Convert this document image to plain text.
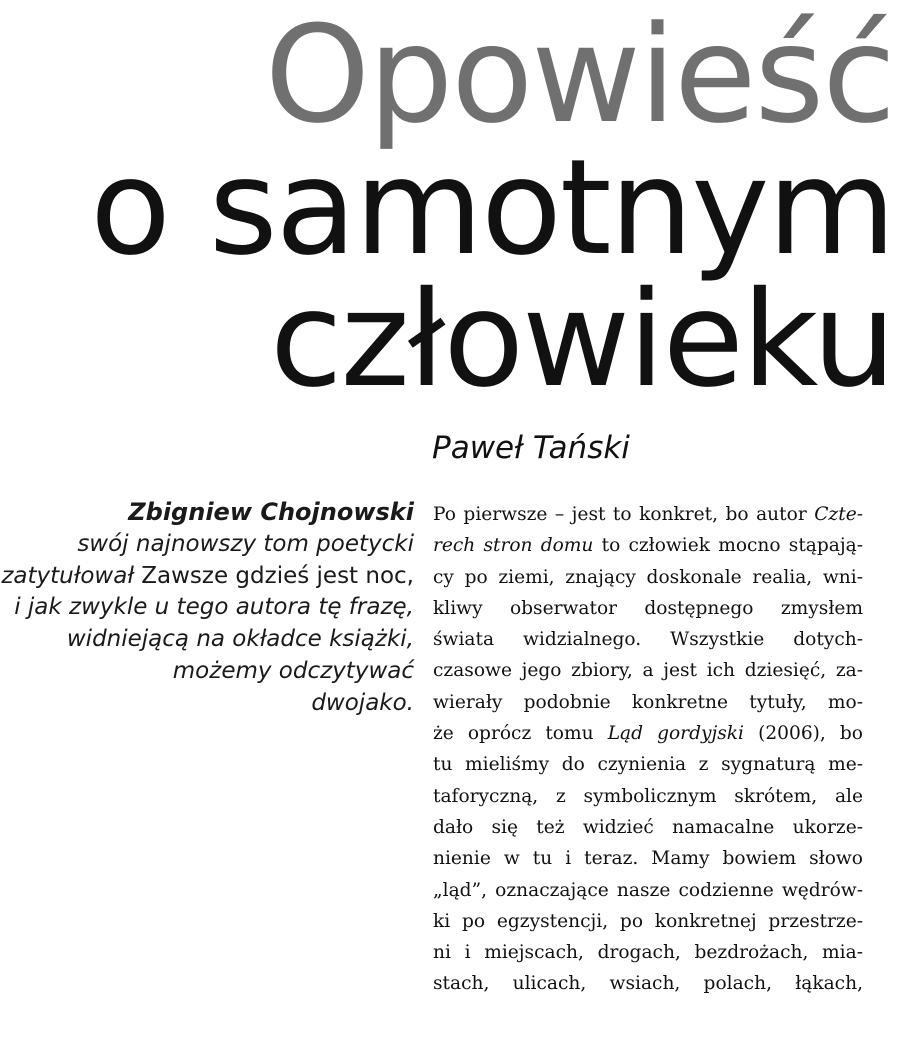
Opowieść
o samotnym
człowieku
Paweł Tański
Zbigniew Chojnowski
swój najnowszy tom poetycki
zatytułował Zawsze gdzieś jest noc,
i jak zwykle u tego autora tę frazę,
widniejącą na okładce książki,
możemy odczytywać
dwojako.
Po pierwsze – jest to konkret, bo autor Czte-
rech stron domu to człowiek mocno stąpają-
cy po ziemi, znający doskonale realia, wni-
kliwy obserwator dostępnego zmysłem
świata widzialnego. Wszystkie dotych-
czasowe jego zbiory, a jest ich dziesięć, za-
wierały podobnie konkretne tytuły, mo-
że oprócz tomu Ląd gordyjski (2006), bo
tu mieliśmy do czynienia z sygnaturą me-
taforyczną, z symbolicznym skrótem, ale
dało się też widzieć namacalne ukorze-
nienie w tu i teraz. Mamy bowiem słowo
„ląd”, oznaczające nasze codzienne wędrów-
ki po egzystencji, po konkretnej przestrze-
ni i miejscach, drogach, bezdrożach, mia-
stach, ulicach, wsiach, polach, łąkach,
